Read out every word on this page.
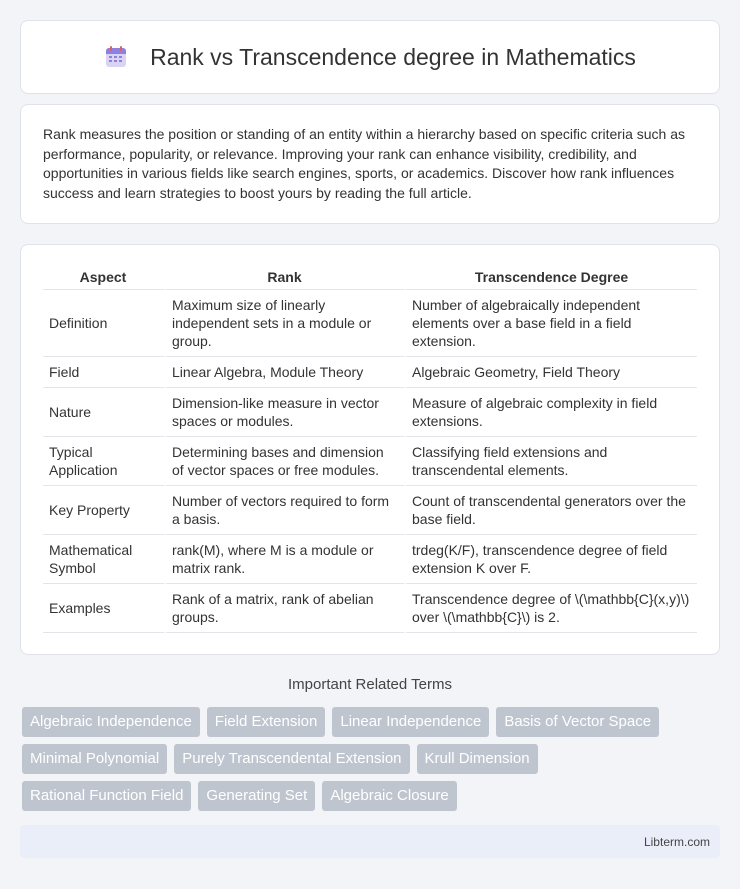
Rank vs Transcendence degree in Mathematics

Rank measures the position or standing of an entity within a hierarchy based on specific criteria such as performance, popularity, or relevance. Improving your rank can enhance visibility, credibility, and opportunities in various fields like search engines, sports, or academics. Discover how rank influences success and learn strategies to boost yours by reading the full article.

Aspect	Rank	Transcendence Degree
Definition	Maximum size of linearly independent sets in a module or group.	Number of algebraically independent elements over a base field in a field extension.
Field	Linear Algebra, Module Theory	Algebraic Geometry, Field Theory
Nature	Dimension-like measure in vector spaces or modules.	Measure of algebraic complexity in field extensions.
Typical Application	Determining bases and dimension of vector spaces or free modules.	Classifying field extensions and transcendental elements.
Key Property	Number of vectors required to form a basis.	Count of transcendental generators over the base field.
Mathematical Symbol	rank(M), where M is a module or matrix rank.	trdeg(K/F), transcendence degree of field extension K over F.
Examples	Rank of a matrix, rank of abelian groups.	Transcendence degree of \(\mathbb{C}(x,y)\) over \(\mathbb{C}\) is 2.
Important Related Terms
Algebraic Independence	Field Extension	Linear Independence	Basis of Vector Space
Minimal Polynomial	Purely Transcendental Extension	Krull Dimension
Rational Function Field	Generating Set	Algebraic Closure
Libterm.com
